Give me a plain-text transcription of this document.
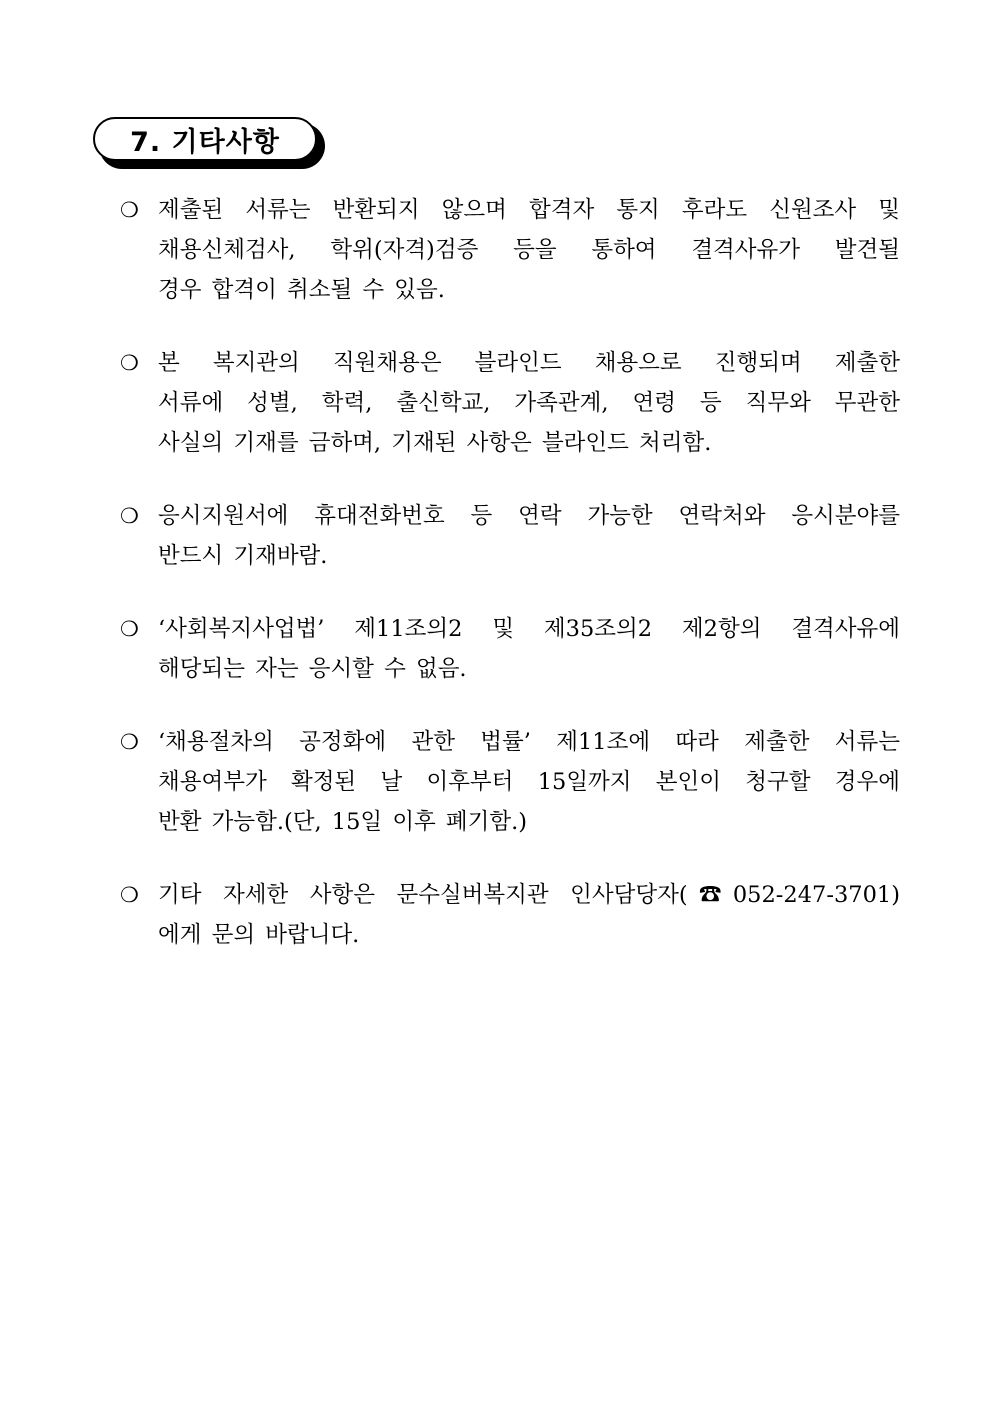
7. 기타사항
❍ 제출된 서류는 반환되지 않으며 합격자 통지 후라도 신원조사 및
채용신체검사, 학위(자격)검증 등을 통하여 결격사유가 발견될
경우 합격이 취소될 수 있음.
❍ 본 복지관의 직원채용은 블라인드 채용으로 진행되며 제출한
서류에 성별, 학력, 출신학교, 가족관계, 연령 등 직무와 무관한
사실의 기재를 금하며, 기재된 사항은 블라인드 처리함.
❍ 응시지원서에 휴대전화번호 등 연락 가능한 연락처와 응시분야를
반드시 기재바람.
❍ ‘사회복지사업법’ 제11조의2 및 제35조의2 제2항의 결격사유에
해당되는 자는 응시할 수 없음.
❍ ‘채용절차의 공정화에 관한 법률’ 제11조에 따라 제출한 서류는
채용여부가 확정된 날 이후부터 15일까지 본인이 청구할 경우에
반환 가능함.(단, 15일 이후 폐기함.)
❍ 기타 자세한 사항은 문수실버복지관 인사담당자(☎052-247-3701)
에게 문의 바랍니다.
